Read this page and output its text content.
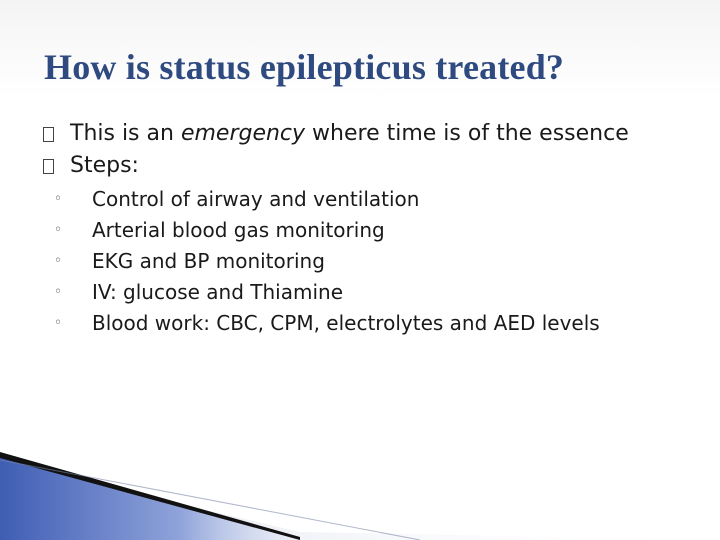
How is status epilepticus treated?

This is an emergency where time is of the essence

Steps:

◦ Control of airway and ventilation
◦ Arterial blood gas monitoring
◦ EKG and BP monitoring
◦ IV: glucose and Thiamine
◦ Blood work: CBC, CPM, electrolytes and AED levels
